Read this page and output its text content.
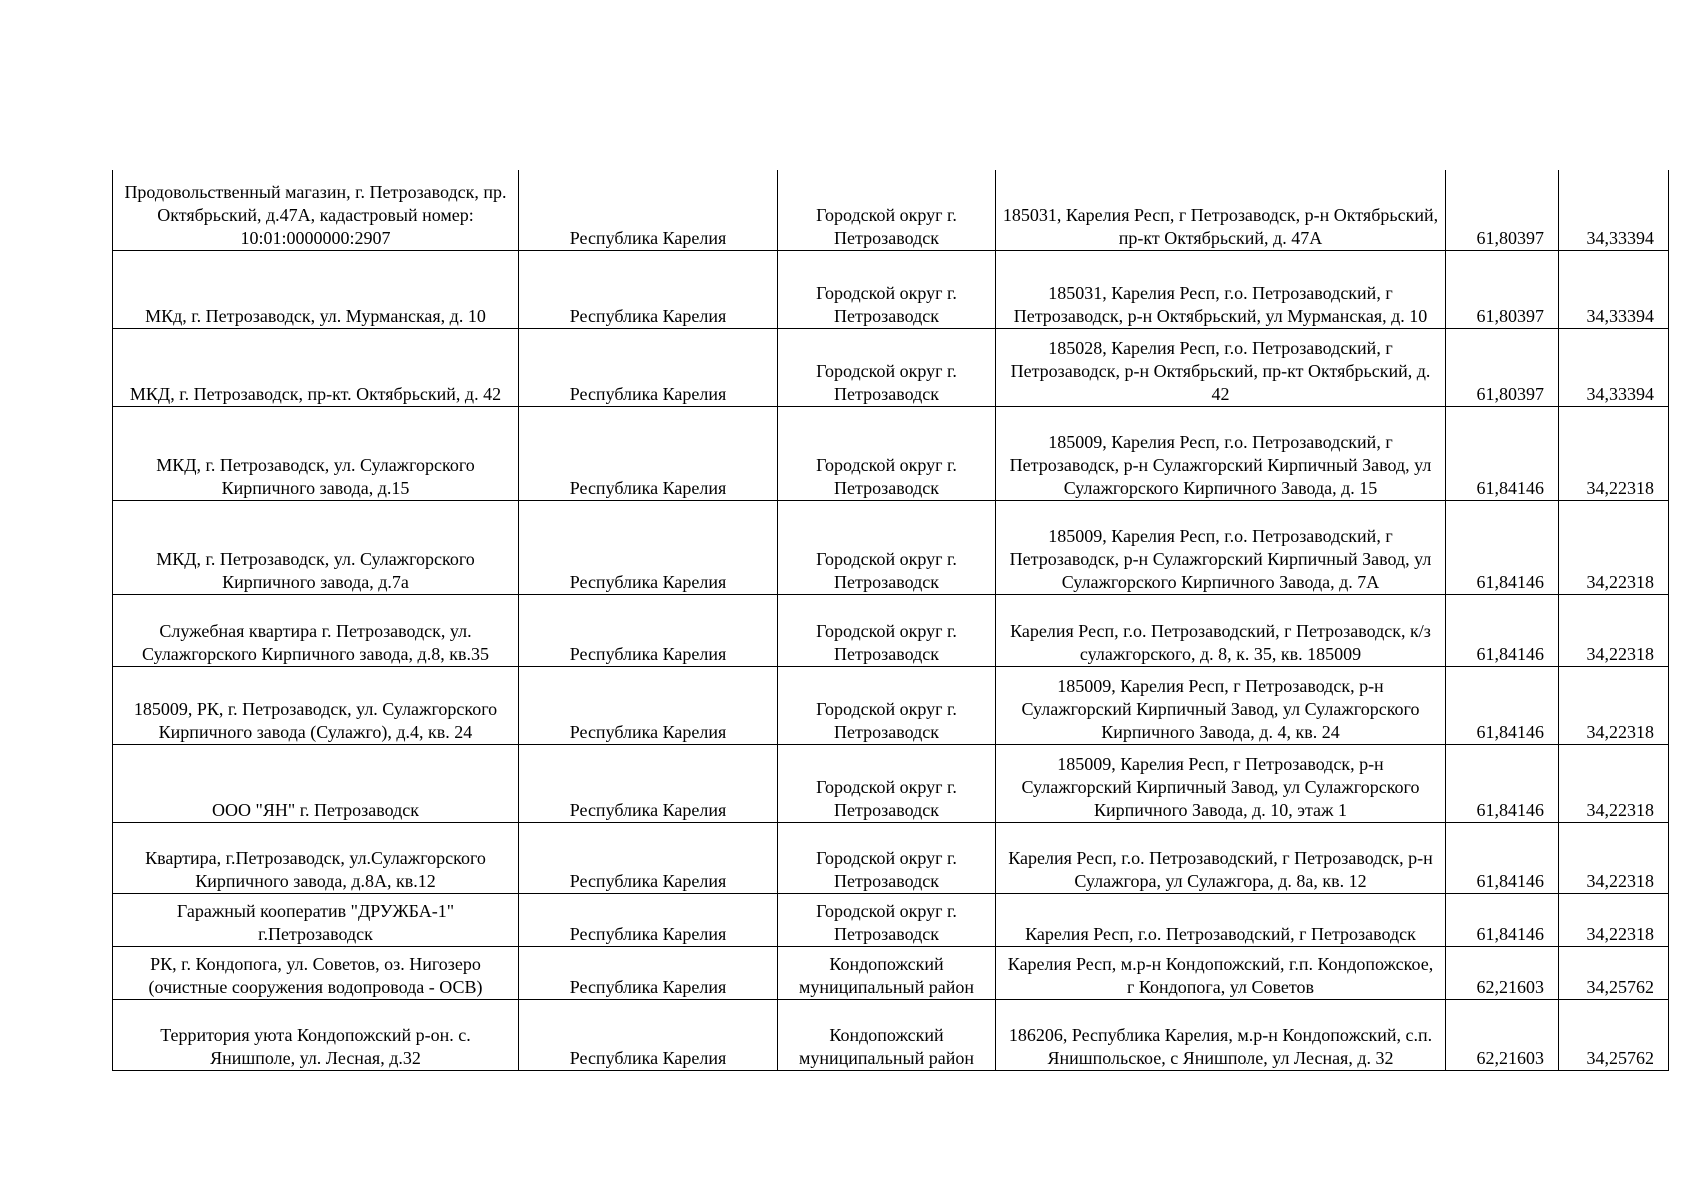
Продовольственный магазин, г. Петрозаводск, пр. Октябрьский, д.47А, кадастровый номер: 10:01:0000000:2907	Республика Карелия	Городской округ г. Петрозаводск	185031, Карелия Респ, г Петрозаводск, р-н Октябрьский, пр-кт Октябрьский, д. 47А	61,80397	34,33394
МКд, г. Петрозаводск, ул. Мурманская, д. 10	Республика Карелия	Городской округ г. Петрозаводск	185031, Карелия Респ, г.о. Петрозаводский, г Петрозаводск, р-н Октябрьский, ул Мурманская, д. 10	61,80397	34,33394
МКД, г. Петрозаводск, пр-кт. Октябрьский, д. 42	Республика Карелия	Городской округ г. Петрозаводск	185028, Карелия Респ, г.о. Петрозаводский, г Петрозаводск, р-н Октябрьский, пр-кт Октябрьский, д. 42	61,80397	34,33394
МКД, г. Петрозаводск, ул. Сулажгорского Кирпичного завода, д.15	Республика Карелия	Городской округ г. Петрозаводск	185009, Карелия Респ, г.о. Петрозаводский, г Петрозаводск, р-н Сулажгорский Кирпичный Завод, ул Сулажгорского Кирпичного Завода, д. 15	61,84146	34,22318
МКД, г. Петрозаводск, ул. Сулажгорского Кирпичного завода, д.7а	Республика Карелия	Городской округ г. Петрозаводск	185009, Карелия Респ, г.о. Петрозаводский, г Петрозаводск, р-н Сулажгорский Кирпичный Завод, ул Сулажгорского Кирпичного Завода, д. 7А	61,84146	34,22318
Служебная квартира г. Петрозаводск, ул. Сулажгорского Кирпичного завода, д.8, кв.35	Республика Карелия	Городской округ г. Петрозаводск	Карелия Респ, г.о. Петрозаводский, г Петрозаводск, к/з сулажгорского, д. 8, к. 35, кв. 185009	61,84146	34,22318
185009, РК, г. Петрозаводск, ул. Сулажгорского Кирпичного завода (Сулажго), д.4, кв. 24	Республика Карелия	Городской округ г. Петрозаводск	185009, Карелия Респ, г Петрозаводск, р-н Сулажгорский Кирпичный Завод, ул Сулажгорского Кирпичного Завода, д. 4, кв. 24	61,84146	34,22318
ООО "ЯН" г. Петрозаводск	Республика Карелия	Городской округ г. Петрозаводск	185009, Карелия Респ, г Петрозаводск, р-н Сулажгорский Кирпичный Завод, ул Сулажгорского Кирпичного Завода, д. 10, этаж 1	61,84146	34,22318
Квартира, г.Петрозаводск, ул.Сулажгорского Кирпичного завода, д.8А, кв.12	Республика Карелия	Городской округ г. Петрозаводск	Карелия Респ, г.о. Петрозаводский, г Петрозаводск, р-н Сулажгора, ул Сулажгора, д. 8а, кв. 12	61,84146	34,22318
Гаражный кооператив "ДРУЖБА-1" г.Петрозаводск	Республика Карелия	Городской округ г. Петрозаводск	Карелия Респ, г.о. Петрозаводский, г Петрозаводск	61,84146	34,22318
РК, г. Кондопога, ул. Советов, оз. Нигозеро (очистные сооружения водопровода - ОСВ)	Республика Карелия	Кондопожский муниципальный район	Карелия Респ, м.р-н Кондопожский, г.п. Кондопожское, г Кондопога, ул Советов	62,21603	34,25762
Территория уюта Кондопожский р-он. с. Янишполе, ул. Лесная, д.32	Республика Карелия	Кондопожский муниципальный район	186206, Республика Карелия, м.р-н Кондопожский, с.п. Янишпольское, с Янишполе, ул Лесная, д. 32	62,21603	34,25762
